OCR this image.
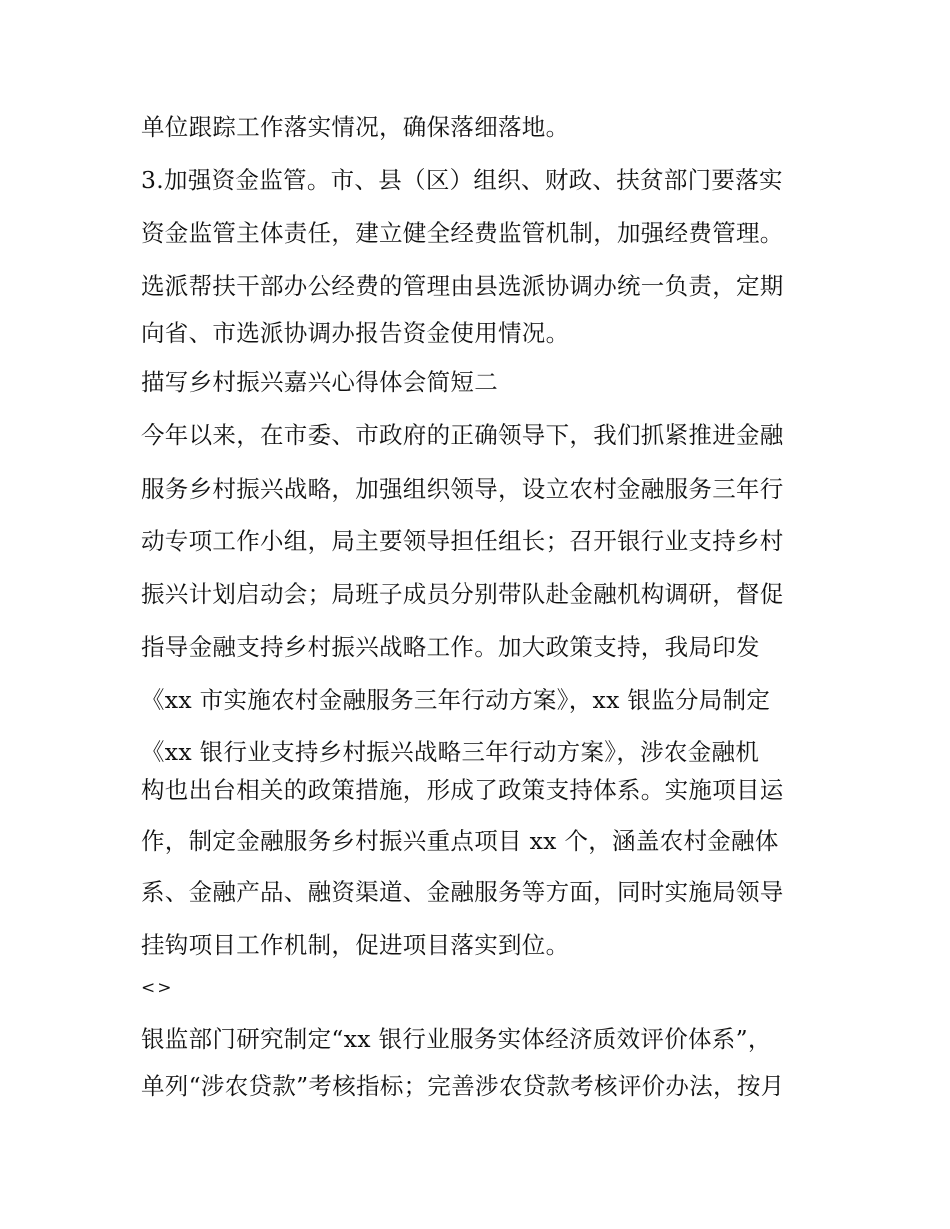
单位跟踪工作落实情况，确保落细落地。
3.加强资金监管。市、县（区）组织、财政、扶贫部门要落实
资金监管主体责任，建立健全经费监管机制，加强经费管理。
选派帮扶干部办公经费的管理由县选派协调办统一负责，定期
向省、市选派协调办报告资金使用情况。
描写乡村振兴嘉兴心得体会简短二
今年以来，在市委、市政府的正确领导下，我们抓紧推进金融
服务乡村振兴战略，加强组织领导，设立农村金融服务三年行
动专项工作小组，局主要领导担任组长；召开银行业支持乡村
振兴计划启动会；局班子成员分别带队赴金融机构调研，督促
指导金融支持乡村振兴战略工作。加大政策支持，我局印发
《xx 市实施农村金融服务三年行动方案》，xx 银监分局制定
《xx 银行业支持乡村振兴战略三年行动方案》，涉农金融机
构也出台相关的政策措施，形成了政策支持体系。实施项目运
作，制定金融服务乡村振兴重点项目 xx 个，涵盖农村金融体
系、金融产品、融资渠道、金融服务等方面，同时实施局领导
挂钩项目工作机制，促进项目落实到位。
<>
银监部门研究制定“xx 银行业服务实体经济质效评价体系”，
单列“涉农贷款”考核指标；完善涉农贷款考核评价办法，按月
